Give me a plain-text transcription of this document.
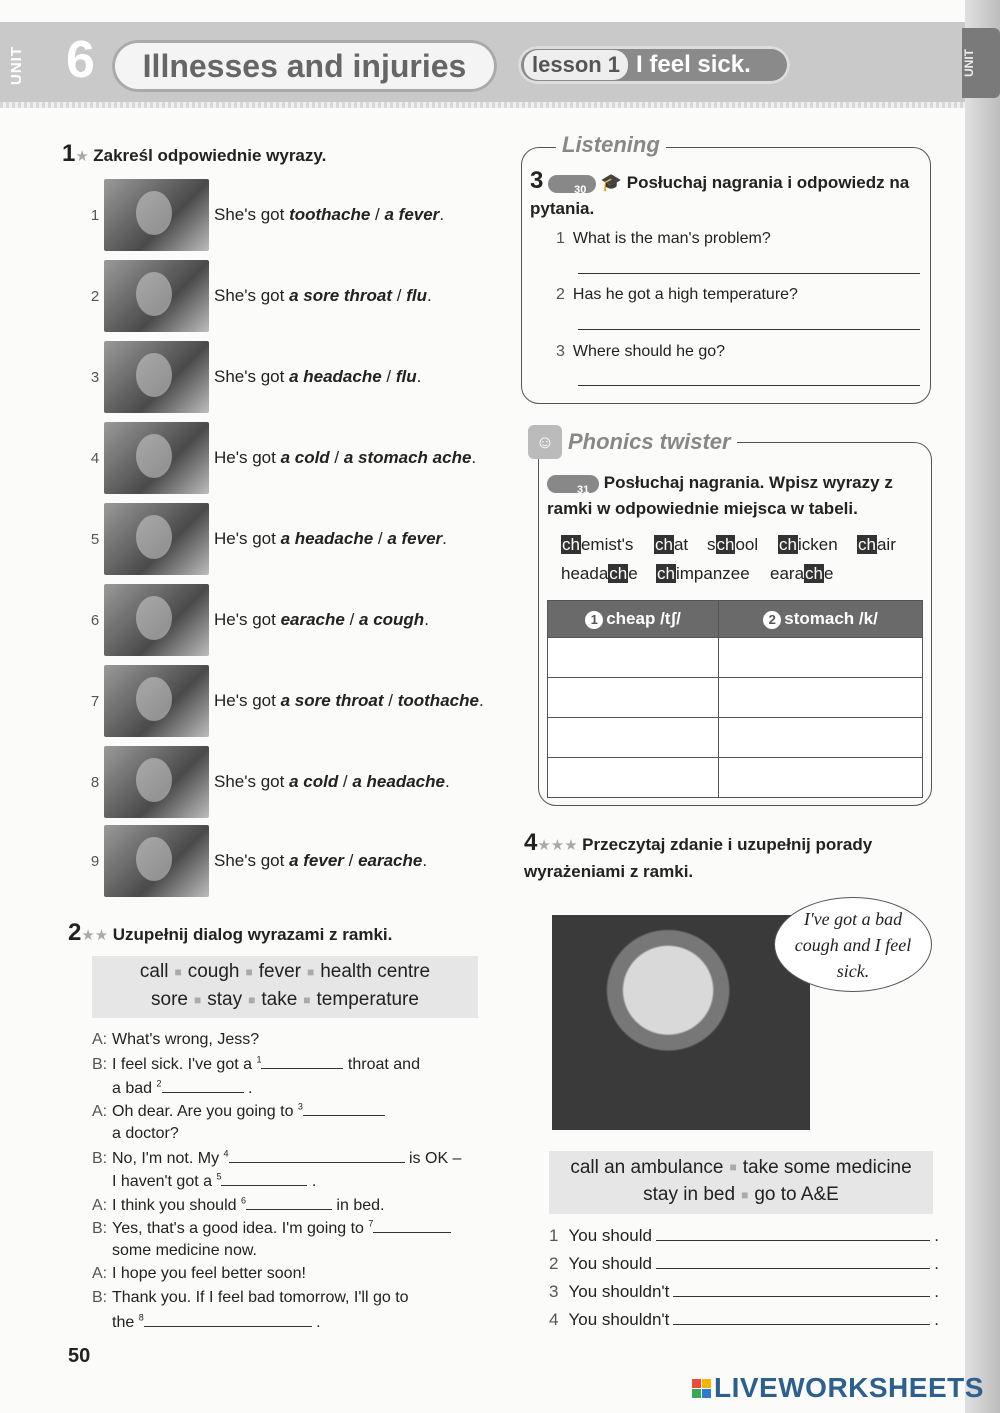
UNIT 6	Illnesses and injuries	lesson 1 I feel sick.	UNIT
1★ Zakreśl odpowiednie wyrazy.
1	She's got toothache / a fever.
2	She's got a sore throat / flu.
3	She's got a headache / flu.
4	He's got a cold / a stomach ache.
5	He's got a headache / a fever.
6	He's got earache / a cough.
7	He's got a sore throat / toothache.
8	She's got a cold / a headache.
9	She's got a fever / earache.
2★★ Uzupełnij dialog wyrazami z ramki.
call ■ cough ■ fever ■ health centre
sore ■ stay ■ take ■ temperature
A: What's wrong, Jess?
B: I feel sick. I've got a $^1$	throat and
a bad $^2$	.
A: Oh dear. Are you going to $^3$
a doctor?
B: No, I'm not. My $^4$	is OK –
I haven't got a $^5$	.
A: I think you should $^6$	in bed.
B: Yes, that's a good idea. I'm going to $^7$
some medicine now.
A: I hope you feel better soon!
B: Thank you. If I feel bad tomorrow, I'll go to
the $^8$	.
Listening
3	30 🎓 Posłuchaj nagrania i odpowiedz na pytania.
1 What is the man's problem?
2 Has he got a high temperature?
3 Where should he go?
☺ Phonics twister
31 Posłuchaj nagrania. Wpisz wyrazy z ramki w odpowiednie miejsca w tabeli.
chemist's chat school chicken chair
headache chimpanzee earache
1 cheap /tʃ/	2 stomach /k/

4★★★ Przeczytaj zdanie i uzupełnij porady wyrażeniami z ramki.
I've got a bad cough and I feel sick.
call an ambulance ■ take some medicine
stay in bed ■ go to A&E
1 You should	.
2 You should	.
3 You shouldn't	.
4 You shouldn't	.
50
LIVEWORKSHEETS
